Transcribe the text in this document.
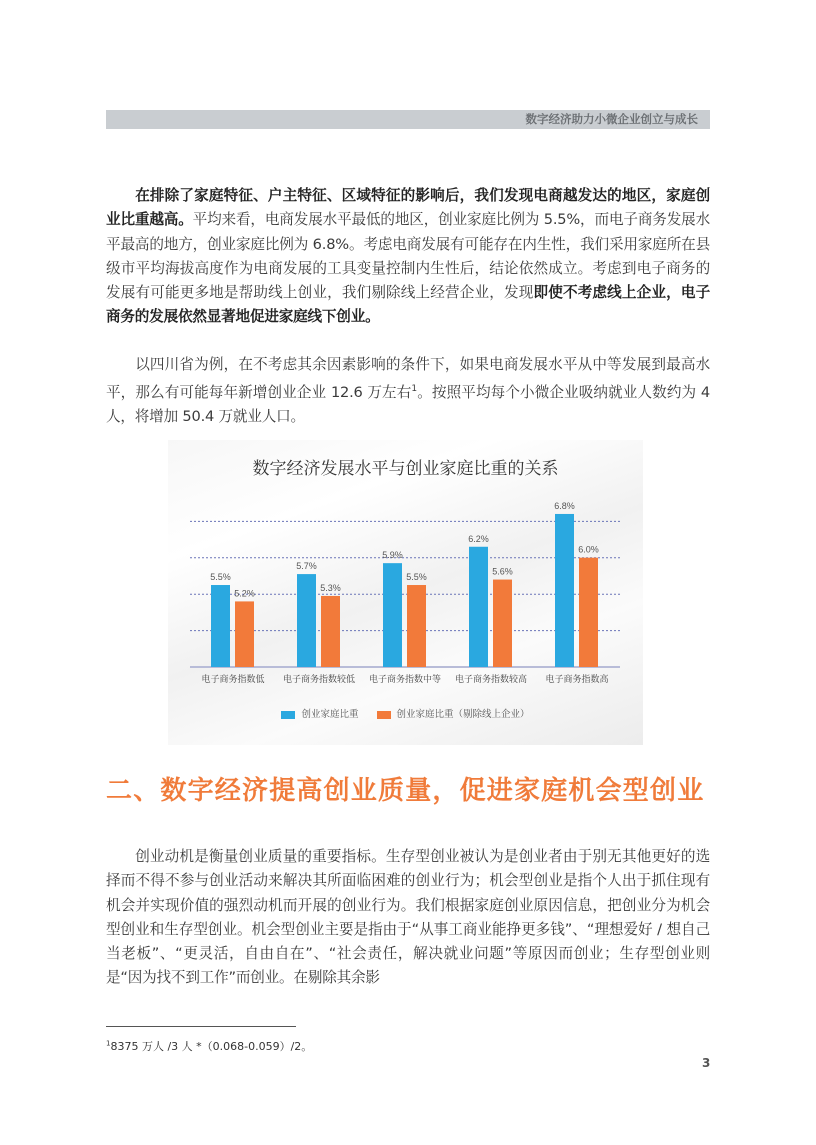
数字经济助力小微企业创立与成长

在排除了家庭特征、户主特征、区域特征的影响后，我们发现电商越发达的地区，家庭创业比重越高。平均来看，电商发展水平最低的地区，创业家庭比例为 5.5%，而电子商务发展水平最高的地方，创业家庭比例为 6.8%。考虑电商发展有可能存在内生性，我们采用家庭所在县级市平均海拔高度作为电商发展的工具变量控制内生性后，结论依然成立。考虑到电子商务的发展有可能更多地是帮助线上创业，我们剔除线上经营企业，发现即使不考虑线上企业，电子商务的发展依然显著地促进家庭线下创业。

以四川省为例，在不考虑其余因素影响的条件下，如果电商发展水平从中等发展到最高水平，那么有可能每年新增创业企业 12.6 万左右$^1$。按照平均每个小微企业吸纳就业人数约为 4 人，将增加 50.4 万就业人口。

数字经济发展水平与创业家庭比重的关系
5.5%
5.2%
电子商务指数低
5.7%
5.3%
电子商务指数较低
5.9%
5.5%
电子商务指数中等
6.2%
5.6%
电子商务指数较高
6.8%
6.0%
电子商务指数高
创业家庭比重	创业家庭比重（剔除线上企业）
二、数字经济提高创业质量，促进家庭机会型创业

创业动机是衡量创业质量的重要指标。生存型创业被认为是创业者由于别无其他更好的选择而不得不参与创业活动来解决其所面临困难的创业行为；机会型创业是指个人出于抓住现有机会并实现价值的强烈动机而开展的创业行为。我们根据家庭创业原因信息，把创业分为机会型创业和生存型创业。机会型创业主要是指由于“从事工商业能挣更多钱”、“理想爱好 / 想自己当老板”、“更灵活，自由自在”、“社会责任，解决就业问题”等原因而创业；生存型创业则是“因为找不到工作”而创业。在剔除其余影

$^1$8375 万人 /3 人 *（0.068-0.059）/2。
3
